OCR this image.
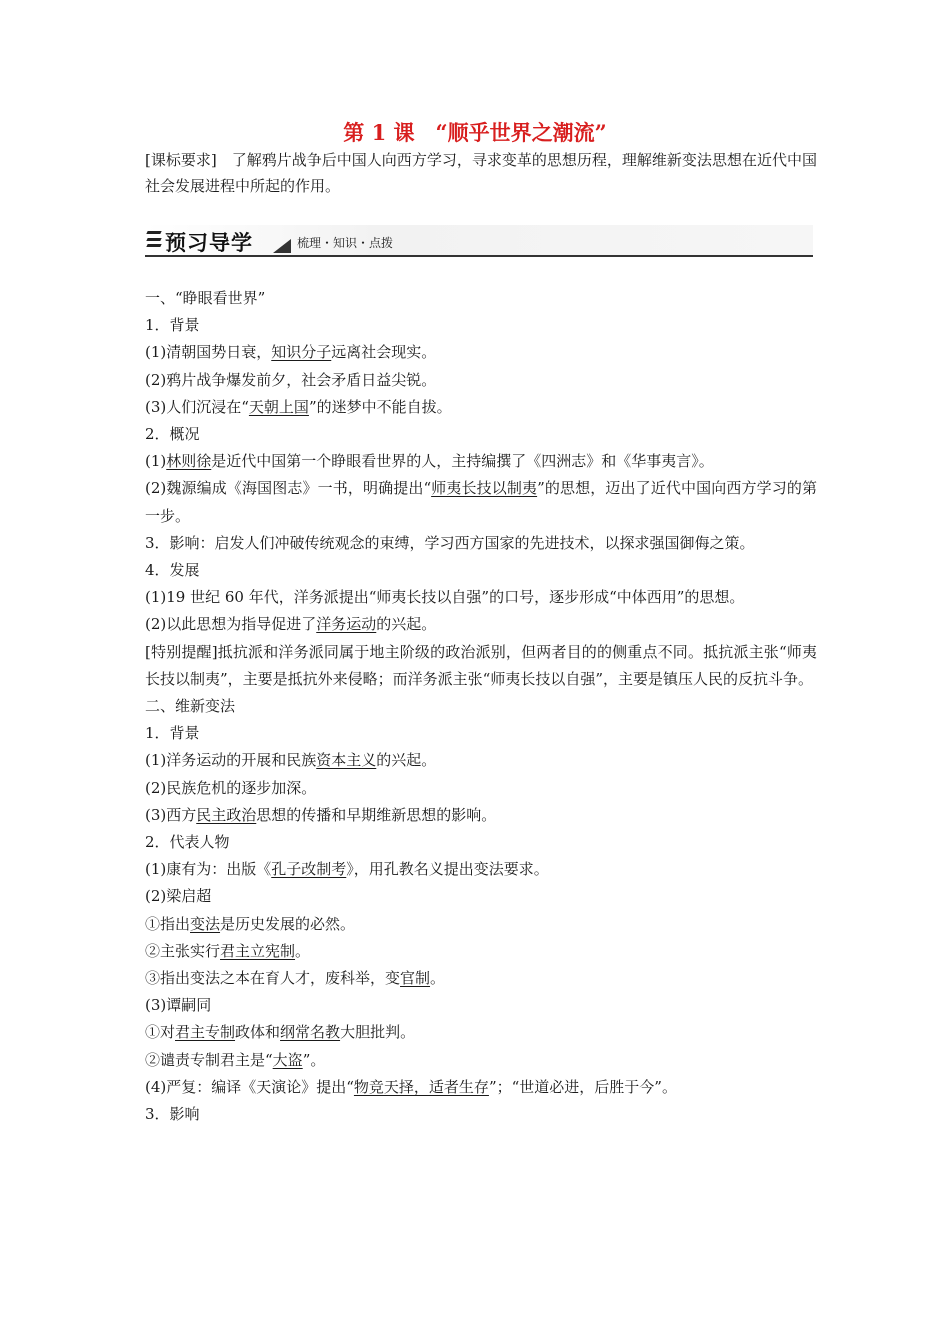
第 1 课　“顺乎世界之潮流”
[课标要求]　了解鸦片战争后中国人向西方学习，寻求变革的思想历程，理解维新变法思想在近代中国社会发展进程中所起的作用。
预习导学	梳理・知识・点拨

一、“睁眼看世界”

1．背景

(1)清朝国势日衰，知识分子远离社会现实。

(2)鸦片战争爆发前夕，社会矛盾日益尖锐。

(3)人们沉浸在“天朝上国”的迷梦中不能自拔。

2．概况

(1)林则徐是近代中国第一个睁眼看世界的人，主持编撰了《四洲志》和《华事夷言》。

(2)魏源编成《海国图志》一书，明确提出“师夷长技以制夷”的思想，迈出了近代中国向西方学习的第一步。

3．影响：启发人们冲破传统观念的束缚，学习西方国家的先进技术，以探求强国御侮之策。

4．发展

(1)19 世纪 60 年代，洋务派提出“师夷长技以自强”的口号，逐步形成“中体西用”的思想。

(2)以此思想为指导促进了洋务运动的兴起。

[特别提醒]抵抗派和洋务派同属于地主阶级的政治派别，但两者目的的侧重点不同。抵抗派主张“师夷长技以制夷”，主要是抵抗外来侵略；而洋务派主张“师夷长技以自强”，主要是镇压人民的反抗斗争。

二、维新变法

1．背景

(1)洋务运动的开展和民族资本主义的兴起。

(2)民族危机的逐步加深。

(3)西方民主政治思想的传播和早期维新思想的影响。

2．代表人物

(1)康有为：出版《孔子改制考》，用孔教名义提出变法要求。

(2)梁启超

①指出变法是历史发展的必然。

②主张实行君主立宪制。

③指出变法之本在育人才，废科举，变官制。

(3)谭嗣同

①对君主专制政体和纲常名教大胆批判。

②谴责专制君主是“大盗”。

(4)严复：编译《天演论》提出“物竞天择，适者生存”；“世道必进，后胜于今”。

3．影响
